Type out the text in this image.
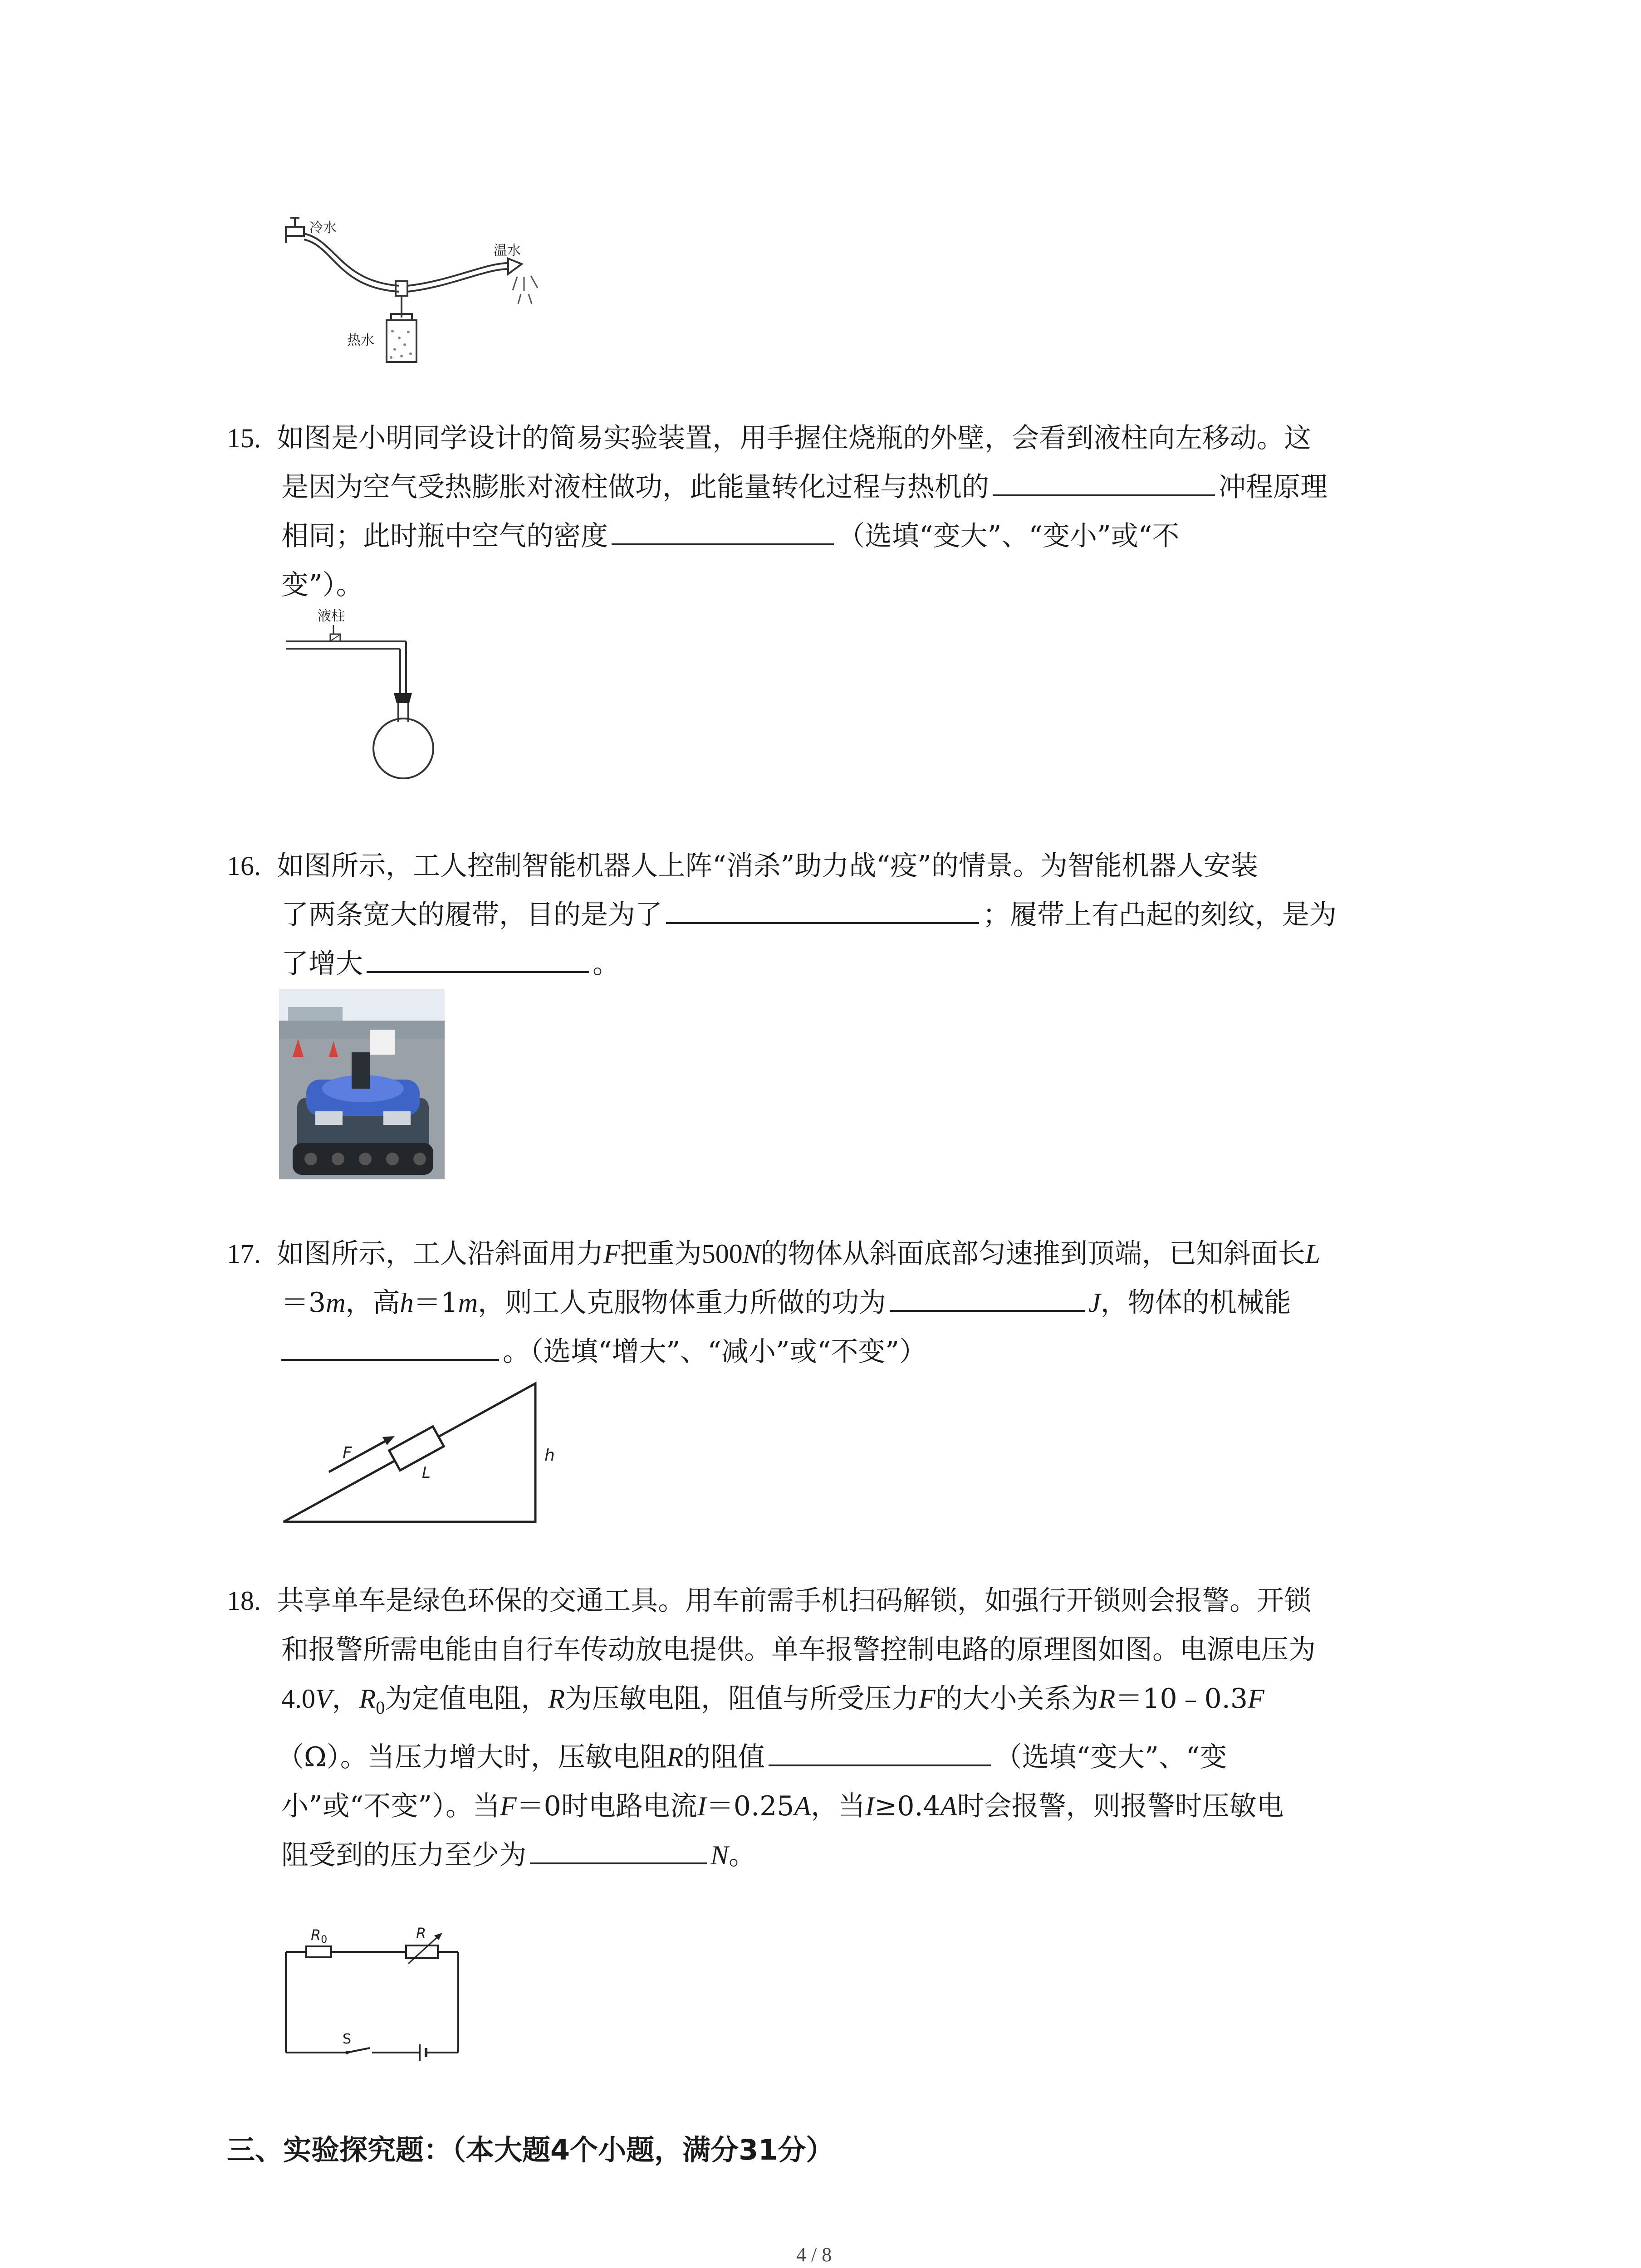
冷水
温水
热水
15. 如图是小明同学设计的简易实验装置，用手握住烧瓶的外壁，会看到液柱向左移动。这
是因为空气受热膨胀对液柱做功，此能量转化过程与热机的	冲程原理
相同；此时瓶中空气的密度	（选填“变大”、“变小”或“不
变”）。
液柱
16. 如图所示，工人控制智能机器人上阵“消杀”助力战“疫”的情景。为智能机器人安装
了两条宽大的履带，目的是为了	；履带上有凸起的刻纹，是为
了增大	。
17. 如图所示，工人沿斜面用力F把重为500N的物体从斜面底部匀速推到顶端，已知斜面长L
＝3m，高h＝1m，则工人克服物体重力所做的功为	J，物体的机械能
。（选填“增大”、“减小”或“不变”）
F
L
h
18. 共享单车是绿色环保的交通工具。用车前需手机扫码解锁，如强行开锁则会报警。开锁
和报警所需电能由自行车传动放电提供。单车报警控制电路的原理图如图。电源电压为
4.0V，$R_0$为定值电阻，R为压敏电阻，阻值与所受压力F的大小关系为R＝10﹣0.3F
（Ω）。当压力增大时，压敏电阻R的阻值	（选填“变大”、“变
小”或“不变”）。当F＝0时电路电流I＝0.25A，当I≥0.4A时会报警，则报警时压敏电
阻受到的压力至少为	N。
R0	R
S
三、实验探究题：（本大题4个小题，满分31分）
4 / 8
